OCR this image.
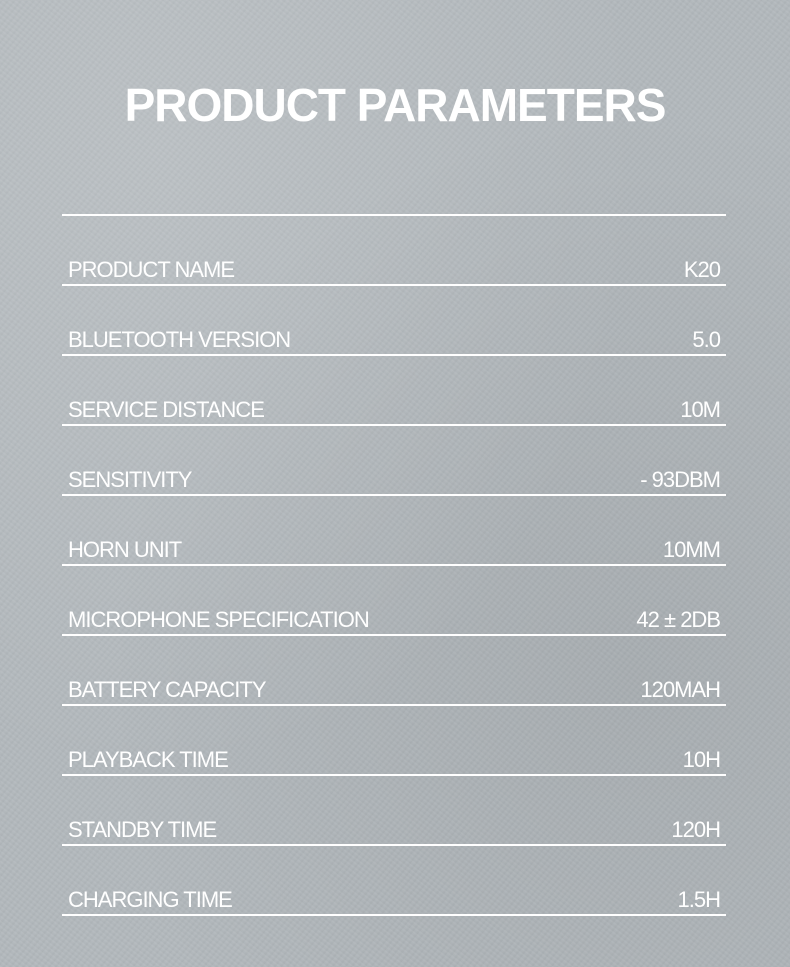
PRODUCT PARAMETERS
PRODUCT NAME	K20
BLUETOOTH VERSION	5.0
SERVICE DISTANCE	10M
SENSITIVITY	- 93DBM
HORN UNIT	10MM
MICROPHONE SPECIFICATION	42 ± 2DB
BATTERY CAPACITY	120MAH
PLAYBACK TIME	10H
STANDBY TIME	120H
CHARGING TIME	1.5H
